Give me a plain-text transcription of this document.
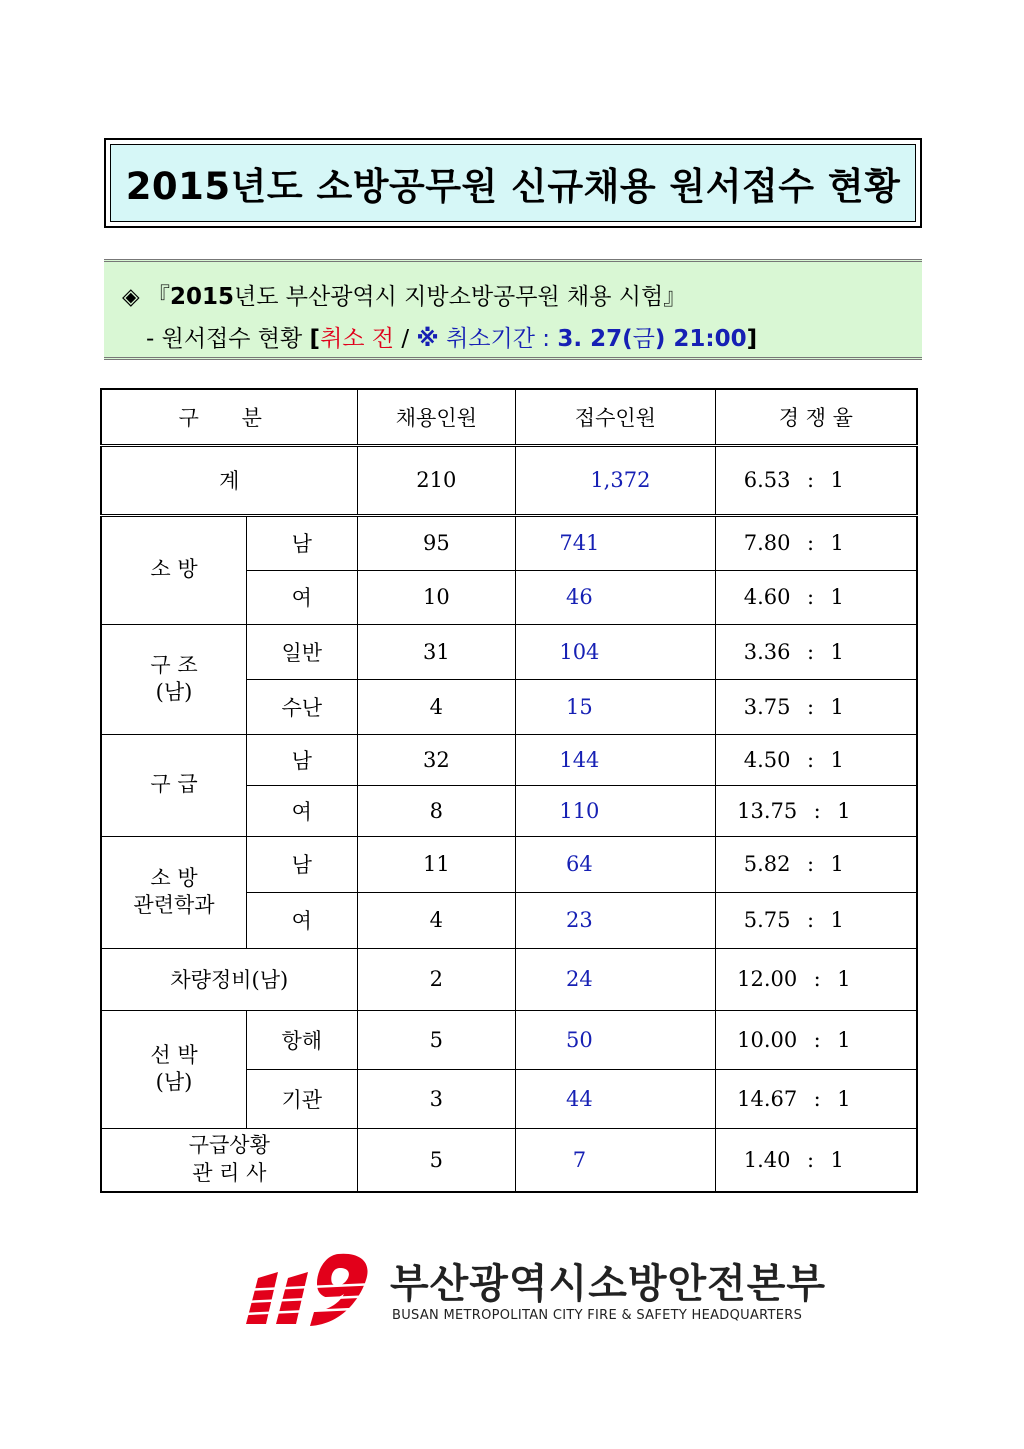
2015년도 소방공무원 신규채용 원서접수 현황
◈ 『2015년도 부산광역시 지방소방공무원 채용 시험』
- 원서접수 현황 [취소 전 / ※ 취소기간 : 3. 27(금) 21:00]
구 분		채용인원	접수인원	경 쟁 율
계		210	1,372	6.53 : 1

소 방	남	95	741	7.80 : 1
	여	10	46	4.60 : 1

구 조
(남)	일반	31	104	3.36 : 1
	수난	4	15	3.75 : 1

구 급	남	32	144	4.50 : 1
	여	8	110	13.75 : 1

소 방
관련학과	남	11	64	5.82 : 1
	여	4	23	5.75 : 1
차량정비(남)		2	24	12.00 : 1

선 박
(남)	항해	5	50	10.00 : 1
	기관	3	44	14.67 : 1

구급상황
관 리 사		5	7	1.40 : 1
부산광역시소방안전본부
BUSAN METROPOLITAN CITY FIRE & SAFETY HEADQUARTERS
